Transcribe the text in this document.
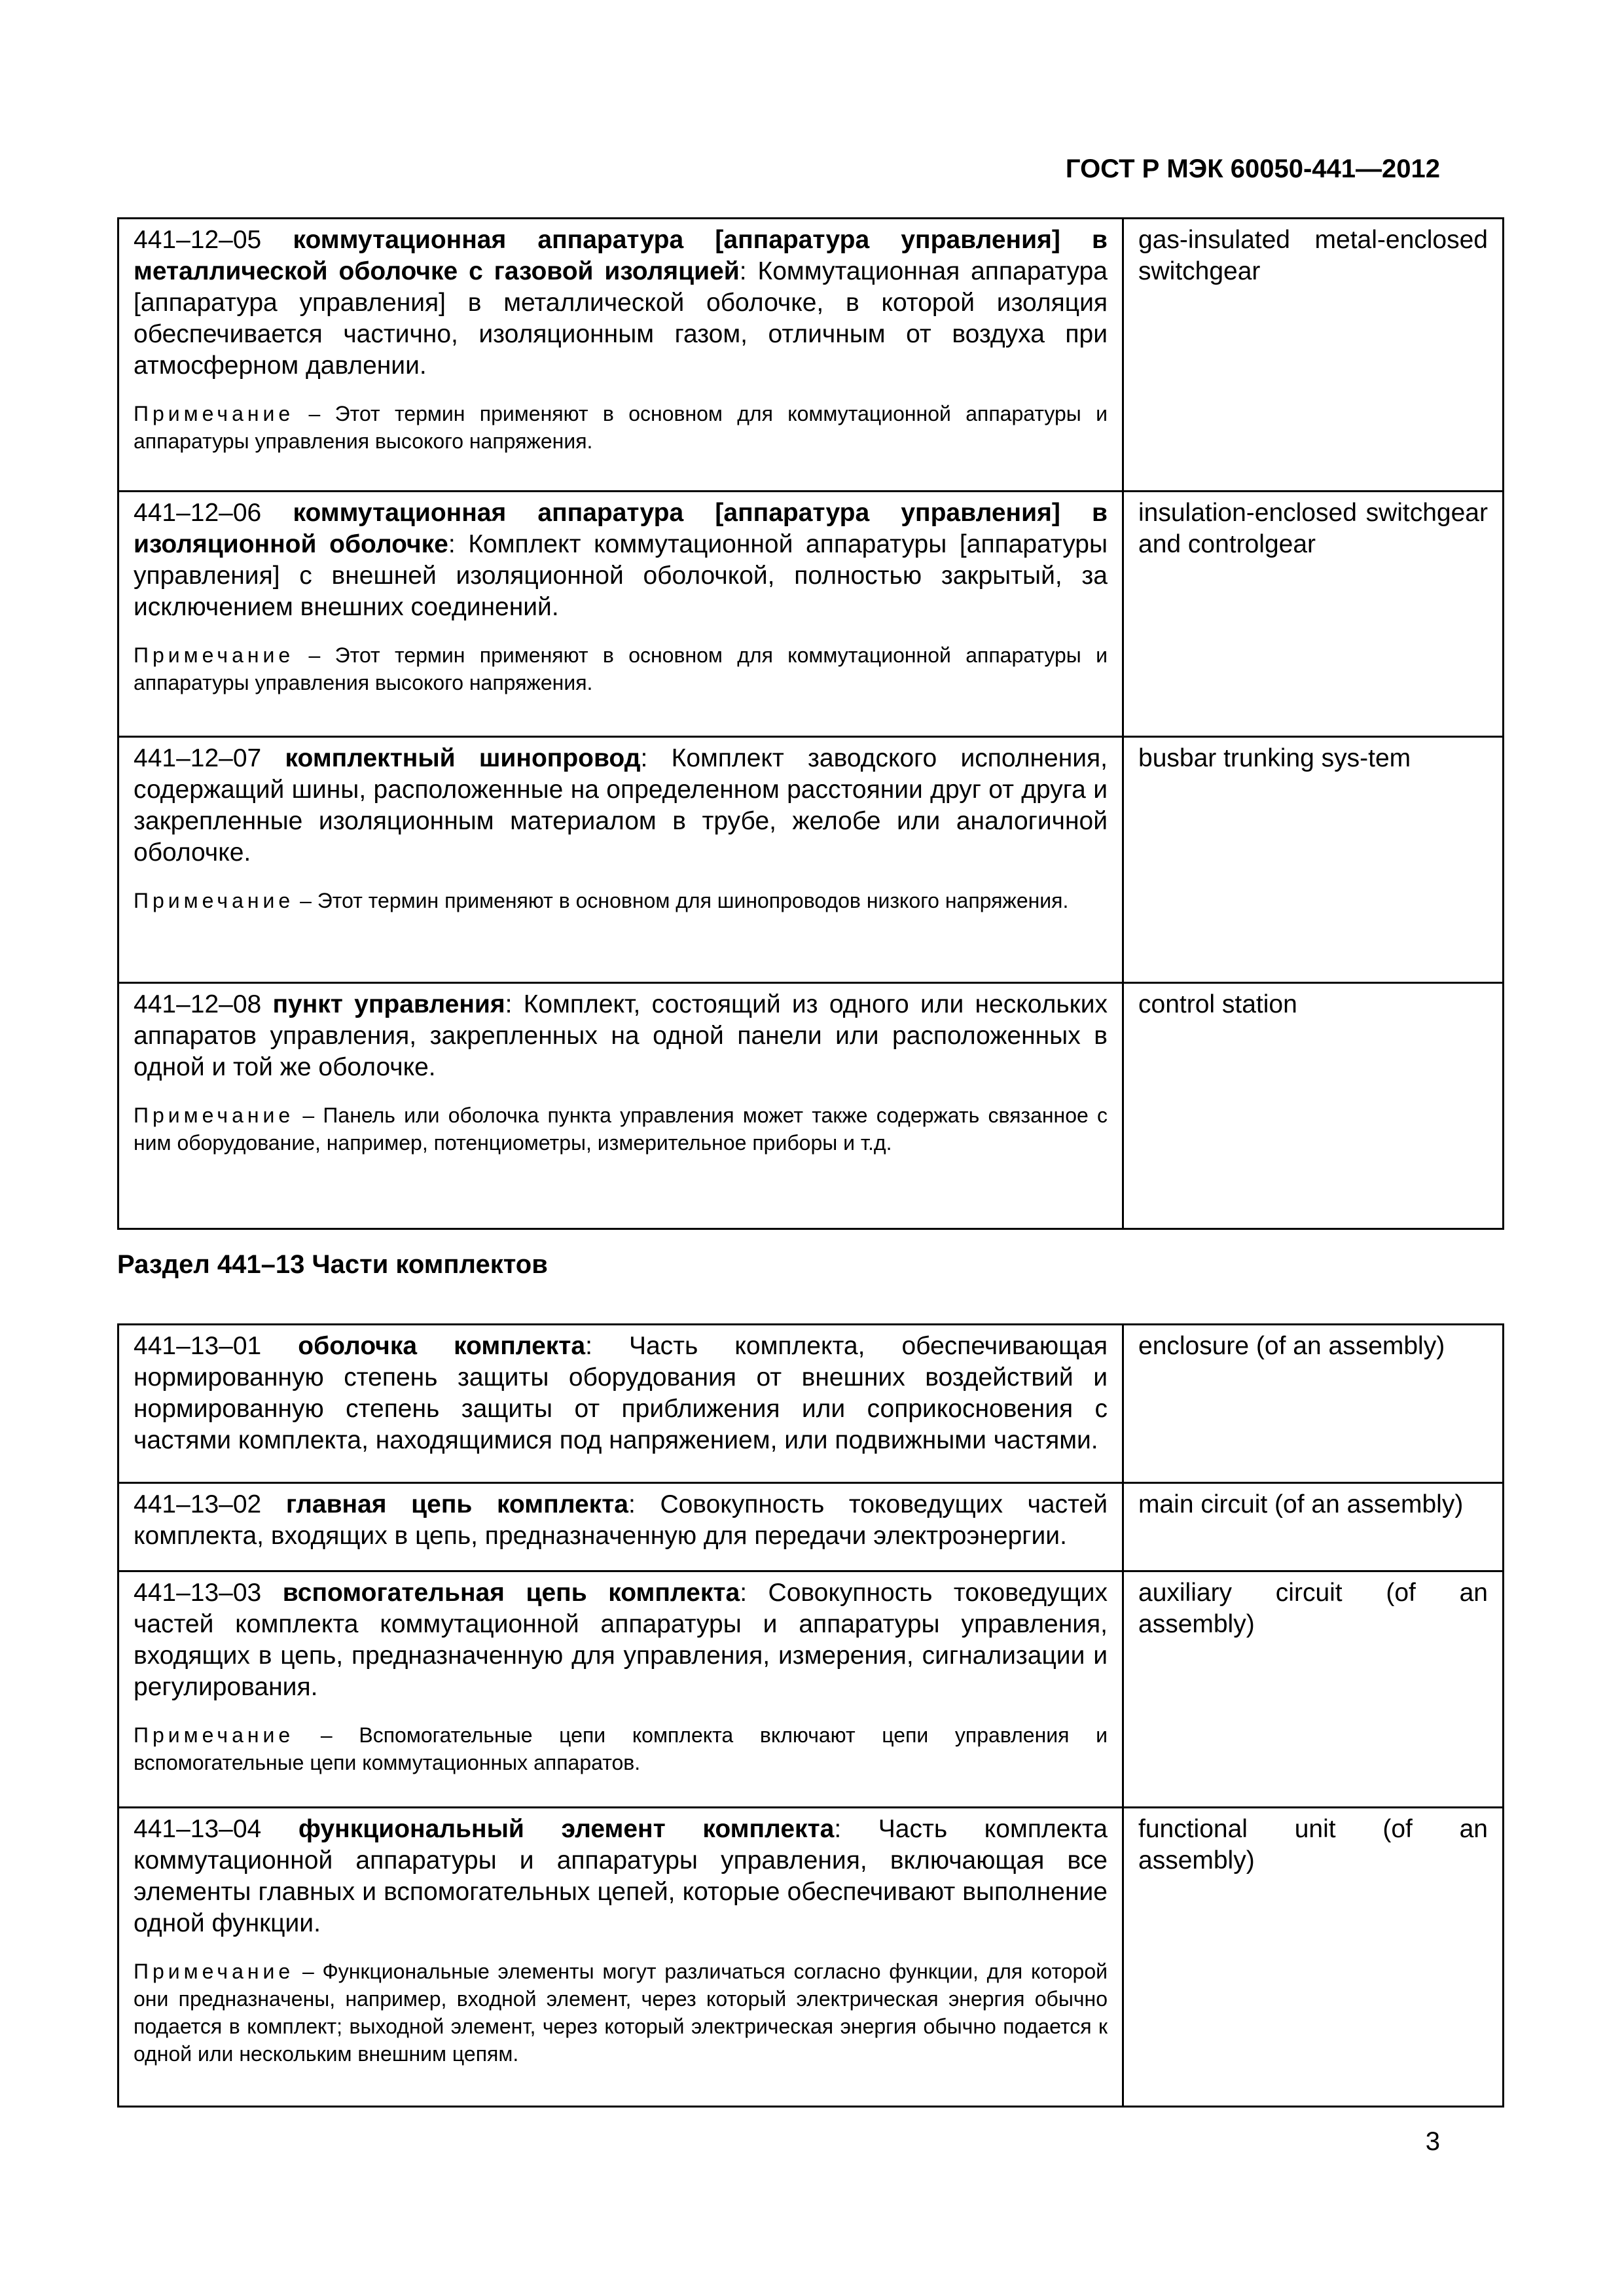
ГОСТ Р МЭК 60050-441—2012
441–12–05 коммутационная аппаратура [аппаратура управления] в металлической оболочке с газовой изоляцией: Коммутационная аппаратура [аппаратура управления] в металлической оболочке, в которой изоляция обеспечивается частично, изоляционным газом, отличным от воздуха при атмосферном давлении.
Примечание – Этот термин применяют в основном для коммутационной аппаратуры и аппаратуры управления высокого напряжения.	gas-insulated metal-enclosed switchgear

441–12–06 коммутационная аппаратура [аппаратура управления] в изоляционной оболочке: Комплект коммутационной аппаратуры [аппаратуры управления] с внешней изоляционной оболочкой, полностью закрытый, за исключением внешних соединений.
Примечание – Этот термин применяют в основном для коммутационной аппаратуры и аппаратуры управления высокого напряжения.	insulation-enclosed switchgear and controlgear

441–12–07 комплектный шинопровод: Комплект заводского исполнения, содержащий шины, расположенные на определенном расстоянии друг от друга и закрепленные изоляционным материалом в трубе, желобе или аналогичной оболочке.
Примечание – Этот термин применяют в основном для шинопроводов низкого напряжения.	busbar trunking sys-tem

441–12–08 пункт управления: Комплект, состоящий из одного или нескольких аппаратов управления, закрепленных на одной панели или расположенных в одной и той же оболочке.
Примечание – Панель или оболочка пункта управления может также содержать связанное с ним оборудование, например, потенциометры, измерительное приборы и т.д.	control station
Раздел 441–13 Части комплектов
441–13–01 оболочка комплекта: Часть комплекта, обеспечивающая нормированную степень защиты оборудования от внешних воздействий и нормированную степень защиты от приближения или соприкосновения с частями комплекта, находящимися под напряжением, или подвижными частями.	enclosure (of an assembly)

441–13–02 главная цепь комплекта: Совокупность токоведущих частей комплекта, входящих в цепь, предназначенную для передачи электроэнергии.	main circuit (of an assembly)

441–13–03 вспомогательная цепь комплекта: Совокупность токоведущих частей комплекта коммутационной аппаратуры и аппаратуры управления, входящих в цепь, предназначенную для управления, измерения, сигнализации и регулирования.
Примечание – Вспомогательные цепи комплекта включают цепи управления и вспомогательные цепи коммутационных аппаратов.	auxiliary circuit (of an assembly)

441–13–04 функциональный элемент комплекта: Часть комплекта коммутационной аппаратуры и аппаратуры управления, включающая все элементы главных и вспомогательных цепей, которые обеспечивают выполнение одной функции.
Примечание – Функциональные элементы могут различаться согласно функции, для которой они предназначены, например, входной элемент, через который электрическая энергия обычно подается в комплект; выходной элемент, через который электрическая энергия обычно подается к одной или нескольким внешним цепям.	functional unit (of an assembly)
3
